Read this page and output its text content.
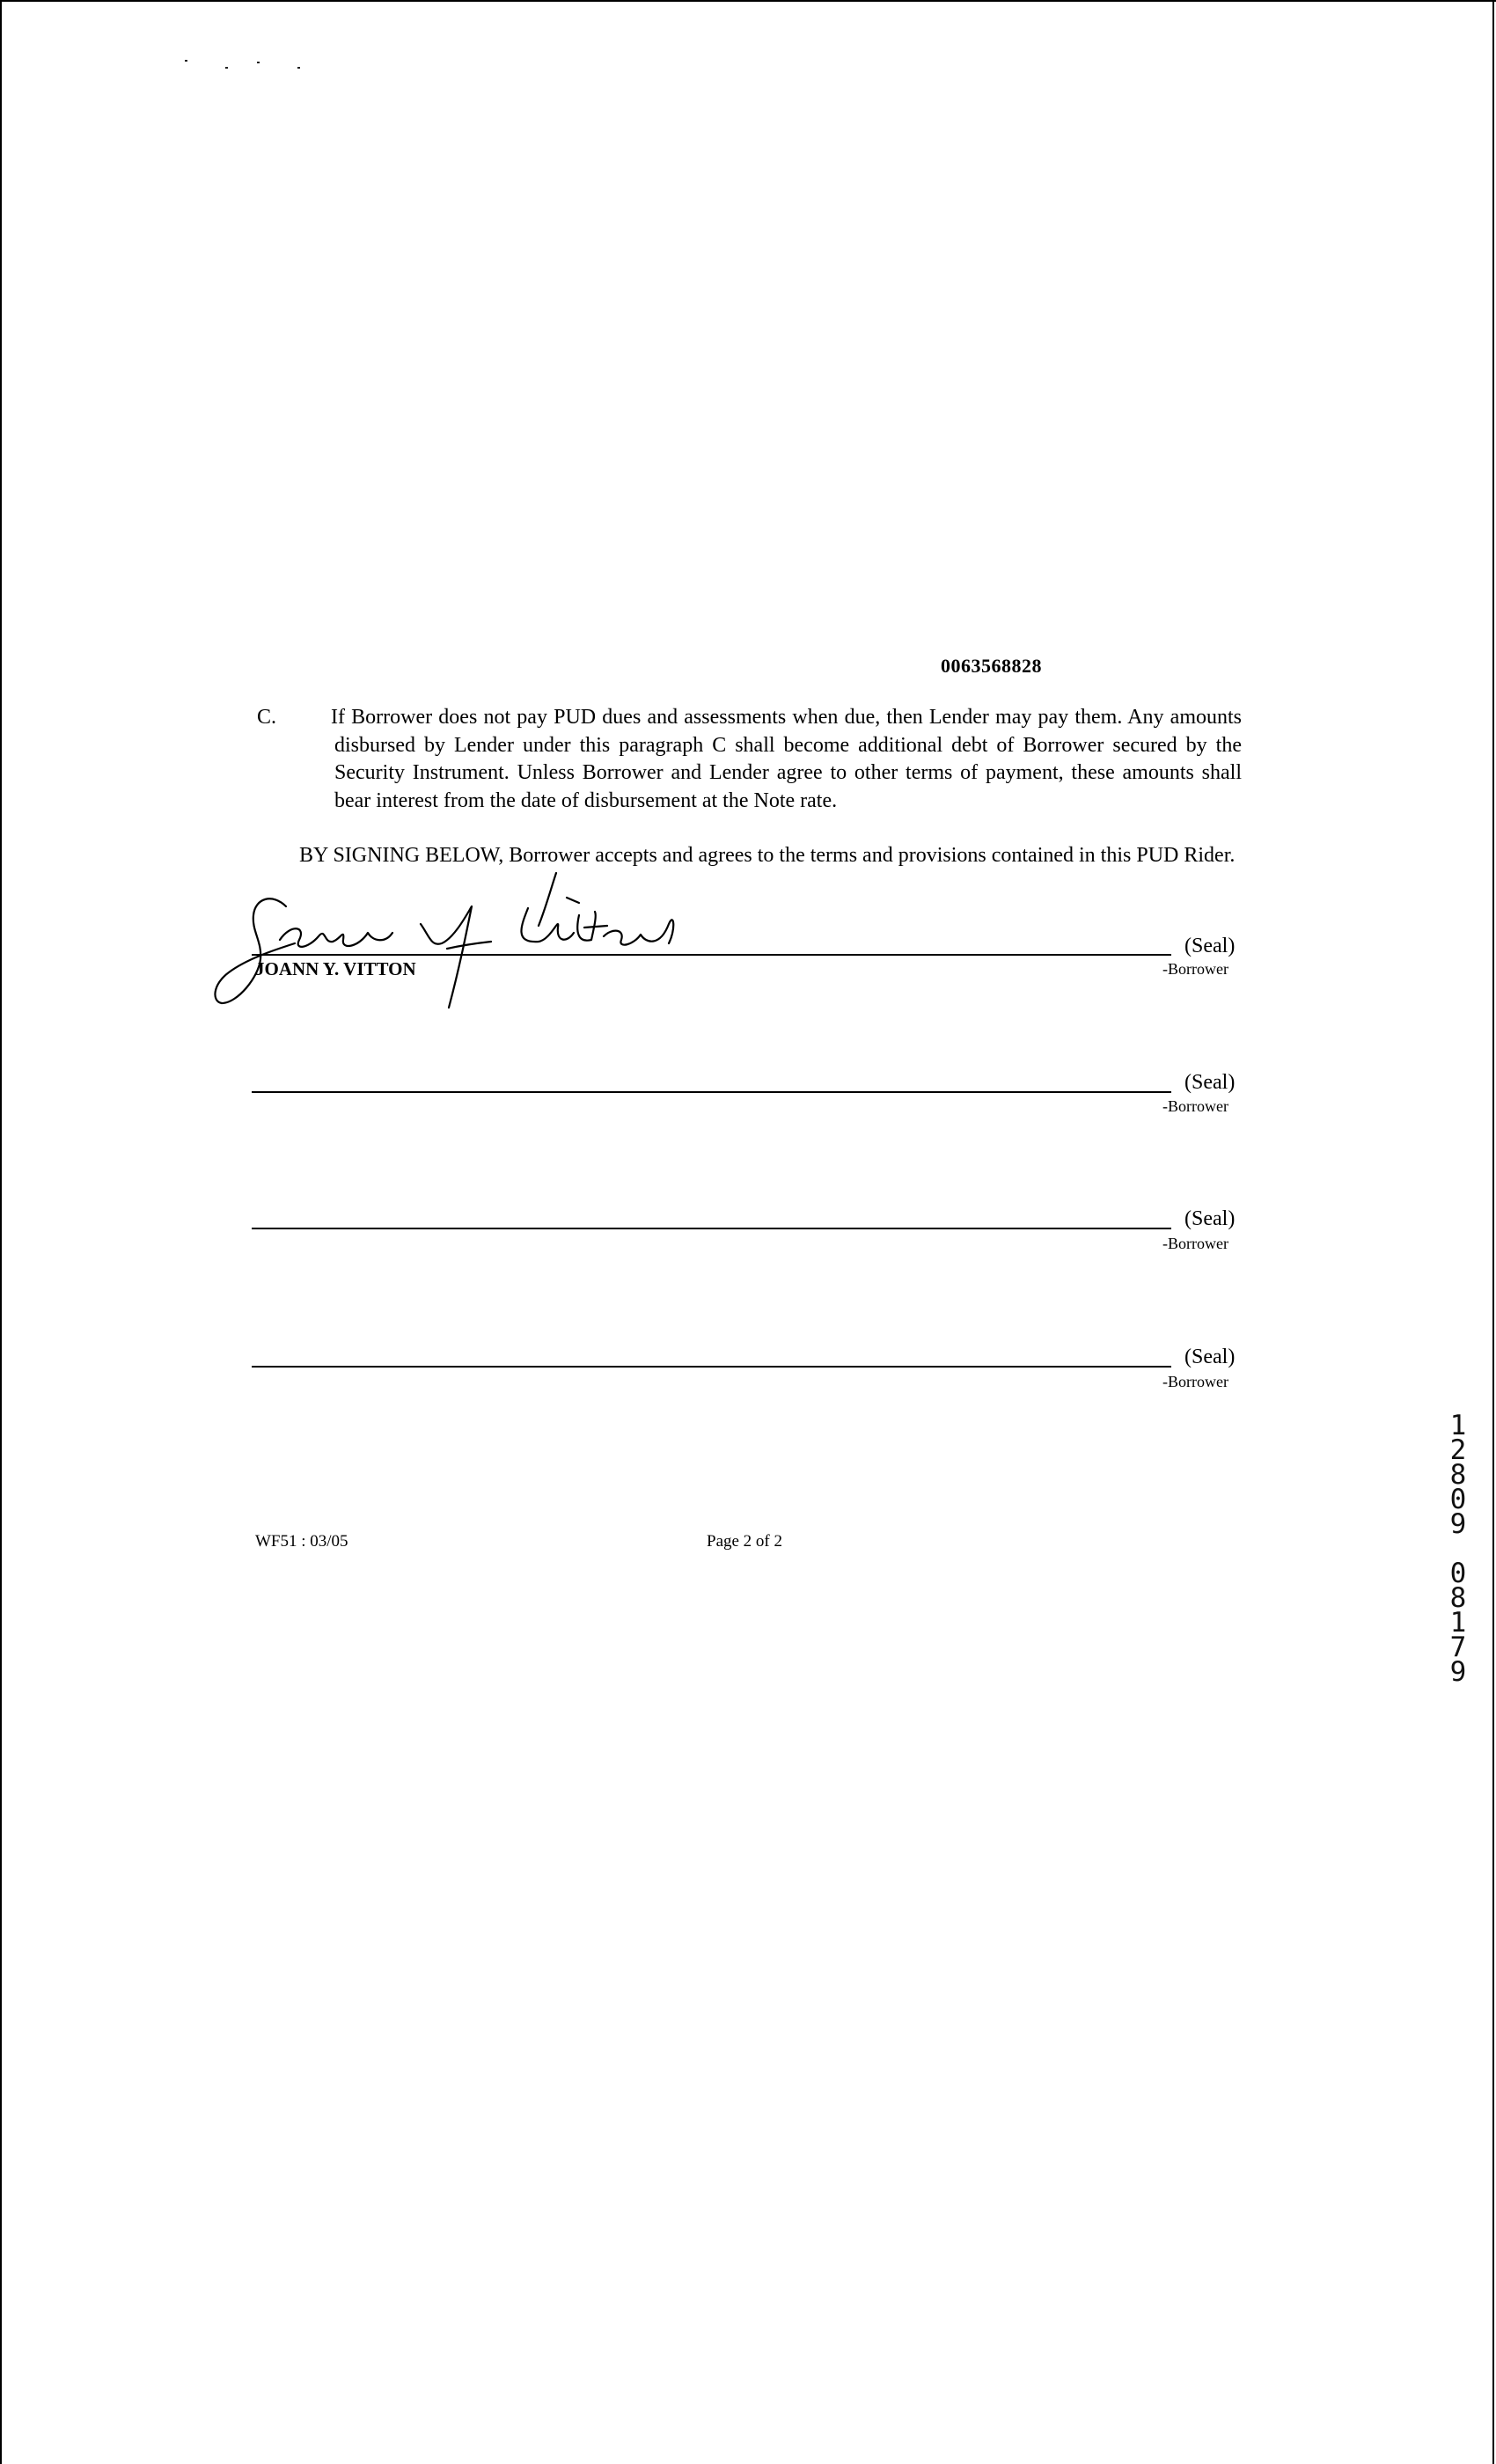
0063568828
C.	If Borrower does not pay PUD dues and assessments when due, then Lender may pay them. Any amounts disbursed by Lender under this paragraph C shall become additional debt of Borrower secured by the Security Instrument. Unless Borrower and Lender agree to other terms of payment, these amounts shall bear interest from the date of disbursement at the Note rate.
BY SIGNING BELOW, Borrower accepts and agrees to the terms and provisions contained in this PUD Rider.
(Seal)
-Borrower
JOANN Y. VITTON
(Seal)
-Borrower
(Seal)
-Borrower
(Seal)
-Borrower
WF51 : 03/05	Page 2 of 2
1
2
8
0
9
0
8
1
7
9
